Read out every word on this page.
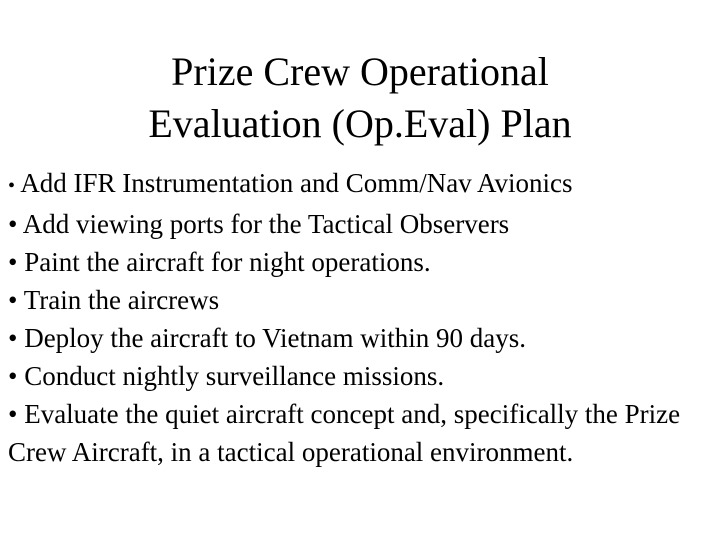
Prize Crew Operational
Evaluation (Op.Eval) Plan
• Add IFR Instrumentation and Comm/Nav Avionics
• Add viewing ports for the Tactical Observers
• Paint the aircraft for night operations.
• Train the aircrews
• Deploy the aircraft to Vietnam within 90 days.
• Conduct nightly surveillance missions.
• Evaluate the quiet aircraft concept and, specifically the Prize Crew Aircraft, in a tactical operational environment.
